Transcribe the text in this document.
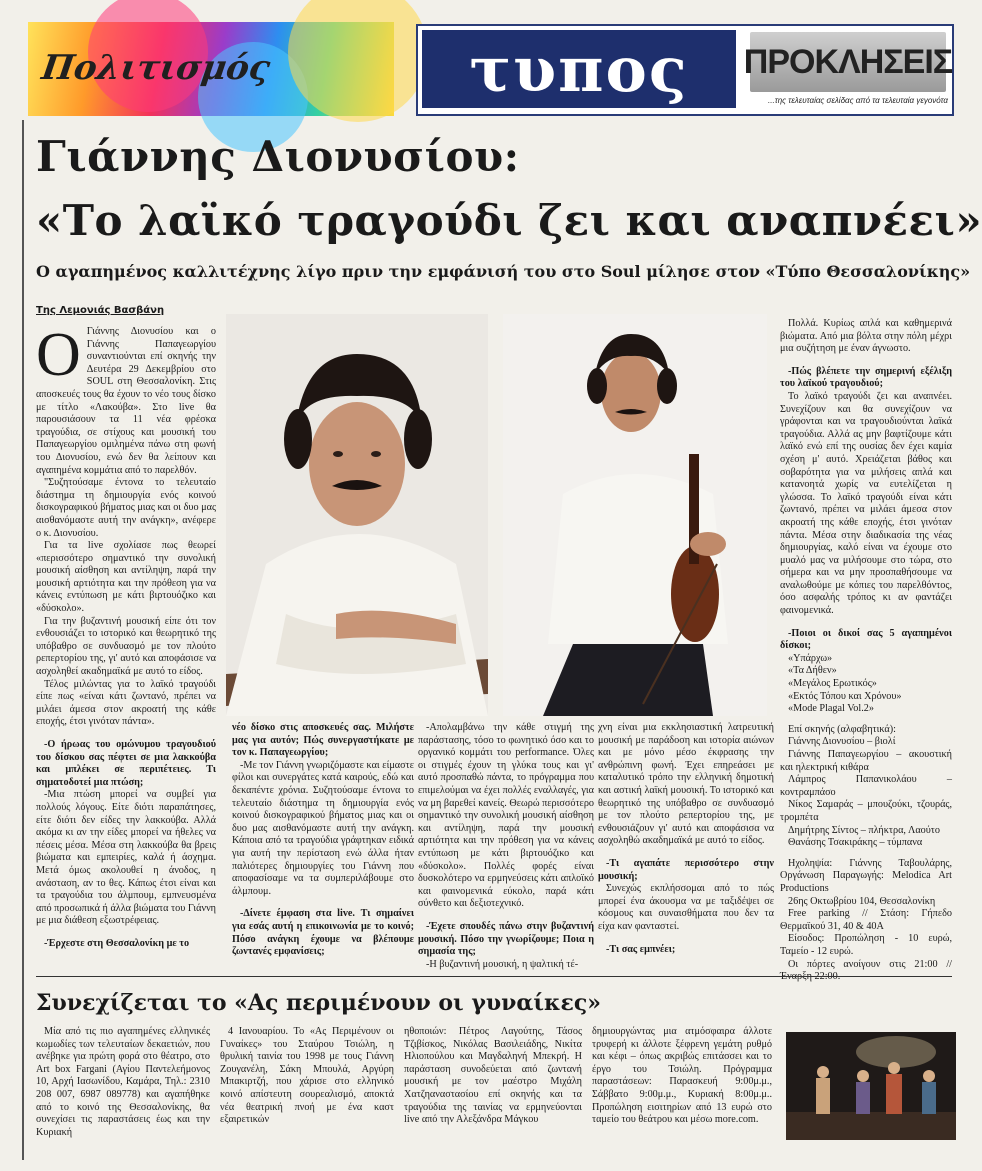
Πολιτισμός	τυπος	ΠΡΟΚΛΗΣΕΙΣ
...της τελευταίας σελίδας από τα τελευταία γεγονότα
Γιάννης Διονυσίου:
«Το λαϊκό τραγούδι ζει και αναπνέει»
Ο αγαπημένος καλλιτέχνης λίγο πριν την εμφάνισή του στο Soul μίλησε στον «Τύπο Θεσσαλονίκης»
Της Λεμονιάς Βασβάνη
Ο Γιάννης Διονυσίου και ο Γιάννης Παπαγεωργίου συναντιούνται επί σκηνής την Δευτέρα 29 Δεκεμβρίου στο SOUL στη Θεσσαλονίκη. Στις αποσκευές τους θα έχουν το νέο τους δίσκο με τίτλο «Λακούβα». Στο live θα παρουσιάσουν τα 11 νέα φρέσκα τραγούδια, σε στίχους και μουσική του Παπαγεωργίου ομιλημένα πάνω στη φωνή του Διονυσίου, ενώ δεν θα λείπουν και αγαπημένα κομμάτια από το παρελθόν.

"Συζητούσαμε έντονα το τελευταίο διάστημα τη δημιουργία ενός κοινού δισκογραφικού βήματος μιας και οι δυο μας αισθανόμαστε αυτή την ανάγκη», ανέφερε ο κ. Διονυσίου.

Για τα live σχολίασε πως θεωρεί «περισσότερο σημαντικό την συνολική μουσική αίσθηση και αντίληψη, παρά την μουσική αρτιότητα και την πρόθεση για να κάνεις εντύπωση με κάτι βιρτουόζικο και «δύσκολο».

Για την βυζαντινή μουσική είπε ότι τον ενθουσιάζει το ιστορικό και θεωρητικό της υπόβαθρο σε συνδυασμό με τον πλούτο ρεπερτορίου της, γι' αυτό και αποφάσισε να ασχοληθεί ακαδημαϊκά με αυτό το είδος.

Τέλος μιλώντας για το λαϊκό τραγούδι είπε πως «είναι κάτι ζωντανό, πρέπει να μιλάει άμεσα στον ακροατή της κάθε εποχής, έτσι γινόταν πάντα».

-Ο ήρωας του ομώνυμου τραγουδιού του δίσκου σας πέφτει σε μια λακκούβα και μπλέκει σε περιπέτειες. Τι σηματοδοτεί μια πτώση;

-Μια πτώση μπορεί να συμβεί για πολλούς λόγους. Είτε διότι παραπάτησες, είτε διότι δεν είδες την λακκούβα. Αλλά ακόμα κι αν την είδες μπορεί να ήθελες να πέσεις μέσα. Μέσα στη λακκούβα θα βρεις βιώματα και εμπειρίες, καλά ή άσχημα. Μετά όμως ακολουθεί η άνοδος, η ανάσταση, αν το θες. Κάπως έτσι είναι και τα τραγούδια του άλμπουμ, εμπνευσμένα από προσωπικά ή άλλα βιώματα του Γιάννη με μια διάθεση εξωστρέφειας.

-Έρχεστε στη Θεσσαλονίκη με το

νέο δίσκο στις αποσκευές σας. Μιλήστε μας για αυτόν; Πώς συνεργαστήκατε με τον κ. Παπαγεωργίου;

-Με τον Γιάννη γνωριζόμαστε και είμαστε φίλοι και συνεργάτες κατά καιρούς, εδώ και δεκαπέντε χρόνια. Συζητούσαμε έντονα το τελευταίο διάστημα τη δημιουργία ενός κοινού δισκογραφικού βήματος μιας και οι δυο μας αισθανόμαστε αυτή την ανάγκη. Κάποια από τα τραγούδια γράφτηκαν ειδικά για αυτή την περίσταση ενώ άλλα ήταν παλιότερες δημιουργίες του Γιάννη που αποφασίσαμε να τα συμπεριλάβουμε στο άλμπουμ.

-Δίνετε έμφαση στα live. Τι σημαίνει για εσάς αυτή η επικοινωνία με το κοινό; Πόσο ανάγκη έχουμε να βλέπουμε ζωντανές εμφανίσεις;

-Απολαμβάνω την κάθε στιγμή της παράστασης, τόσο το φωνητικό όσο και το οργανικό κομμάτι του performance. Όλες οι στιγμές έχουν τη γλύκα τους και γι' αυτό προσπαθώ πάντα, το πρόγραμμα που επιμελούμαι να έχει πολλές εναλλαγές, για να μη βαρεθεί κανείς. Θεωρώ περισσότερο σημαντικό την συνολική μουσική αίσθηση και αντίληψη, παρά την μουσική αρτιότητα και την πρόθεση για να κάνεις εντύπωση με κάτι βιρτουόζικο και «δύσκολο». Πολλές φορές είναι δυσκολότερο να ερμηνεύσεις κάτι απλοϊκό και φαινομενικά εύκολο, παρά κάτι σύνθετο και δεξιοτεχνικό.

-Έχετε σπουδές πάνω στην βυζαντινή μουσική. Πόσο την γνωρίζουμε; Ποια η σημασία της;

-Η βυζαντινή μουσική, η ψαλτική τέ-

χνη είναι μια εκκλησιαστική λατρευτική μουσική με παράδοση και ιστορία αιώνων και με μόνο μέσο έκφρασης την ανθρώπινη φωνή. Έχει επηρεάσει με καταλυτικό τρόπο την ελληνική δημοτική και αστική λαϊκή μουσική. Το ιστορικό και θεωρητικό της υπόβαθρο σε συνδυασμό με τον πλούτο ρεπερτορίου της, με ενθουσιάζουν γι' αυτό και αποφάσισα να ασχοληθώ ακαδημαϊκά με αυτό το είδος.

-Τι αγαπάτε περισσότερο στην μουσική;

Συνεχώς εκπλήσσομαι από το πώς μπορεί ένα άκουσμα να με ταξιδέψει σε κόσμους και συναισθήματα που δεν τα είχα καν φανταστεί.

-Τι σας εμπνέει;

Πολλά. Κυρίως απλά και καθημερινά βιώματα. Από μια βόλτα στην πόλη μέχρι μια συζήτηση με έναν άγνωστο.

-Πώς βλέπετε την σημερινή εξέλιξη του λαϊκού τραγουδιού;

Το λαϊκό τραγούδι ζει και αναπνέει. Συνεχίζουν και θα συνεχίζουν να γράφονται και να τραγουδιούνται λαϊκά τραγούδια. Αλλά ας μην βαφτίζουμε κάτι λαϊκό ενώ επί της ουσίας δεν έχει καμία σχέση μ' αυτό. Χρειάζεται βάθος και σοβαρότητα για να μιλήσεις απλά και κατανοητά χωρίς να ευτελίζεται η γλώσσα. Το λαϊκό τραγούδι είναι κάτι ζωντανό, πρέπει να μιλάει άμεσα στον ακροατή της κάθε εποχής, έτσι γινόταν πάντα. Μέσα στην διαδικασία της νέας δημιουργίας, καλό είναι να έχουμε στο μυαλό μας να μιλήσουμε στο τώρα, στο σήμερα και να μην προσπαθήσουμε να αναλωθούμε με κόπιες του παρελθόντος, όσο ασφαλής τρόπος κι αν φαντάζει φαινομενικά.

-Ποιοι οι δικοί σας 5 αγαπημένοι δίσκοι;

«Υπάρχω»

«Τα Δήθεν»

«Μεγάλος Ερωτικός»

«Εκτός Τόπου και Χρόνου»

«Mode Plagal Vol.2»

Επί σκηνής (αλφαβητικά):

Γιάννης Διονυσίου – βιολί

Γιάννης Παπαγεωργίου – ακουστική και ηλεκτρική κιθάρα

Λάμπρος Παπανικολάου – κοντραμπάσο

Νίκος Σαμαράς – μπουζούκι, τζουράς, τρομπέτα

Δημήτρης Σίντος – πλήκτρα, Λαούτο

Θανάσης Τσακιράκης – τύμπανα

Ηχοληψία: Γιάννης Ταβουλάρης, Οργάνωση Παραγωγής: Melodica Art Productions

26ης Οκτωβρίου 104, Θεσσαλονίκη

Free parking // Στάση: Γήπεδο Θερμαϊκού 31, 40 & 40Α

Είσοδος: Προπώληση - 10 ευρώ, Ταμείο - 12 ευρώ.

Οι πόρτες ανοίγουν στις 21:00 //

Συνεχίζεται το «Ας περιμένουν οι γυναίκες»

Μία από τις πιο αγαπημένες ελληνικές κωμωδίες των τελευταίων δεκαετιών, που ανέβηκε για πρώτη φορά στο θέατρο, στο Art box Fargani (Αγίου Παντελεήμονος 10, Αρχή Ιασωνίδου, Καμάρα, Τηλ.: 2310 208 007, 6987 089778) και αγαπήθηκε από το κοινό της Θεσσαλονίκης, θα συνεχίσει τις παραστάσεις έως και την Κυριακή

4 Ιανουαρίου. Το «Ας Περιμένουν οι Γυναίκες» του Σταύρου Τσιώλη, η θρυλική ταινία του 1998 με τους Γιάννη Ζουγανέλη, Σάκη Μπουλά, Αργύρη Μπακιρτζή, που χάρισε στο ελληνικό κοινό απίστευτη σουρεαλισμό, αποκτά νέα θεατρική πνοή με ένα καστ εξαιρετικών

ηθοποιών: Πέτρος Λαγούτης, Τάσος Τζιβίσκος, Νικόλας Βασιλειάδης, Νικίτα Ηλιοπούλου και Μαγδαληνή Μπεκρή. Η παράσταση συνοδεύεται από ζωντανή μουσική με τον μαέστρο Μιχάλη Χατζηαναστασίου επί σκηνής και τα τραγούδια της ταινίας να ερμηνεύονται live από την Αλεξάνδρα Μάγκου

δημιουργώντας μια ατμόσφαιρα άλλοτε τρυφερή κι άλλοτε ξέφρενη γεμάτη ρυθμό και κέφι – όπως ακριβώς επιτάσσει και το έργο του Τσιώλη. Πρόγραμμα παραστάσεων: Παρασκευή 9:00μ.μ., Σάββατο 9:00μ.μ., Κυριακή 8:00μ.μ.. Προπώληση εισιτηρίων από 13 ευρώ στο ταμείο του θεάτρου και μέσω more.com.
